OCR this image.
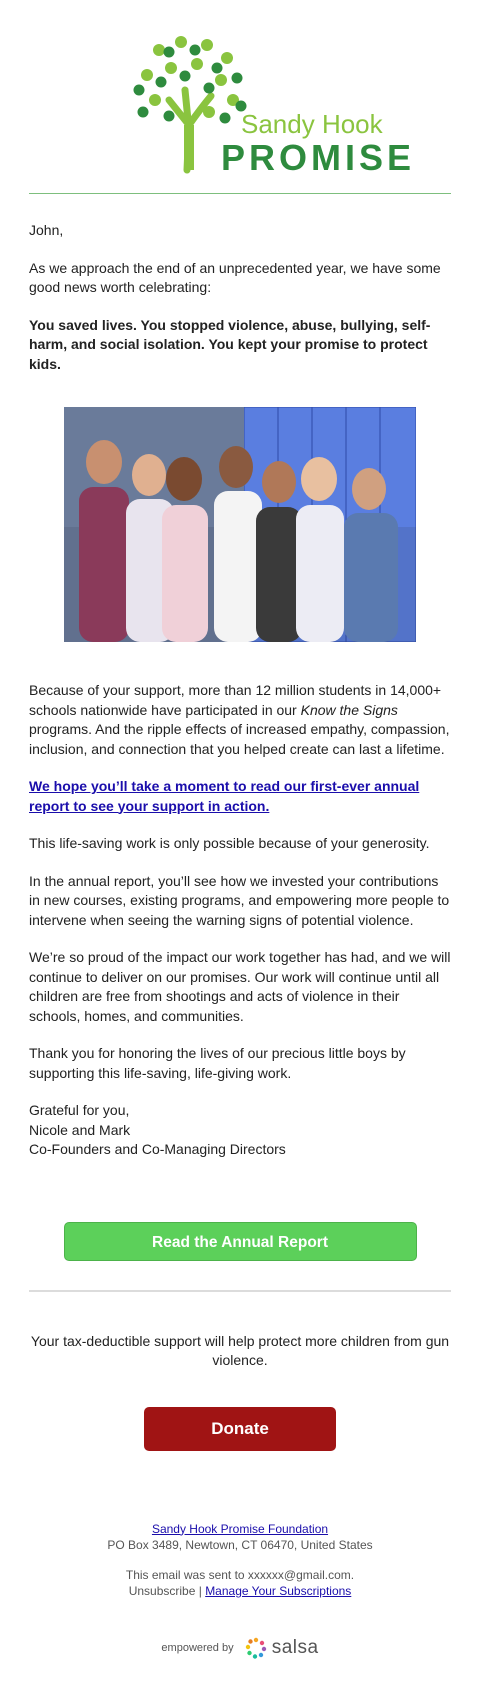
Sandy Hook
PROMISE

John,

As we approach the end of an unprecedented year, we have some good news worth celebrating:

You saved lives. You stopped violence, abuse, bullying, self-harm, and social isolation. You kept your promise to protect kids.

Because of your support, more than 12 million students in 14,000+ schools nationwide have participated in our Know the Signs programs. And the ripple effects of increased empathy, compassion, inclusion, and connection that you helped create can last a lifetime.

We hope you’ll take a moment to read our first-ever annual report to see your support in action.

This life-saving work is only possible because of your generosity.

In the annual report, you’ll see how we invested your contributions in new courses, existing programs, and empowering more people to intervene when seeing the warning signs of potential violence.

We’re so proud of the impact our work together has had, and we will continue to deliver on our promises. Our work will continue until all children are free from shootings and acts of violence in their schools, homes, and communities.

Thank you for honoring the lives of our precious little boys by supporting this life-saving, life-giving work.

Grateful for you,
Nicole and Mark
Co-Founders and Co-Managing Directors

Read the Annual Report

Your tax-deductible support will help protect more children from gun violence.

Donate
Sandy Hook Promise Foundation
PO Box 3489, Newtown, CT 06470, United States
This email was sent to xxxxxx@gmail.com.
Unsubscribe | Manage Your Subscriptions
empowered by salsa
